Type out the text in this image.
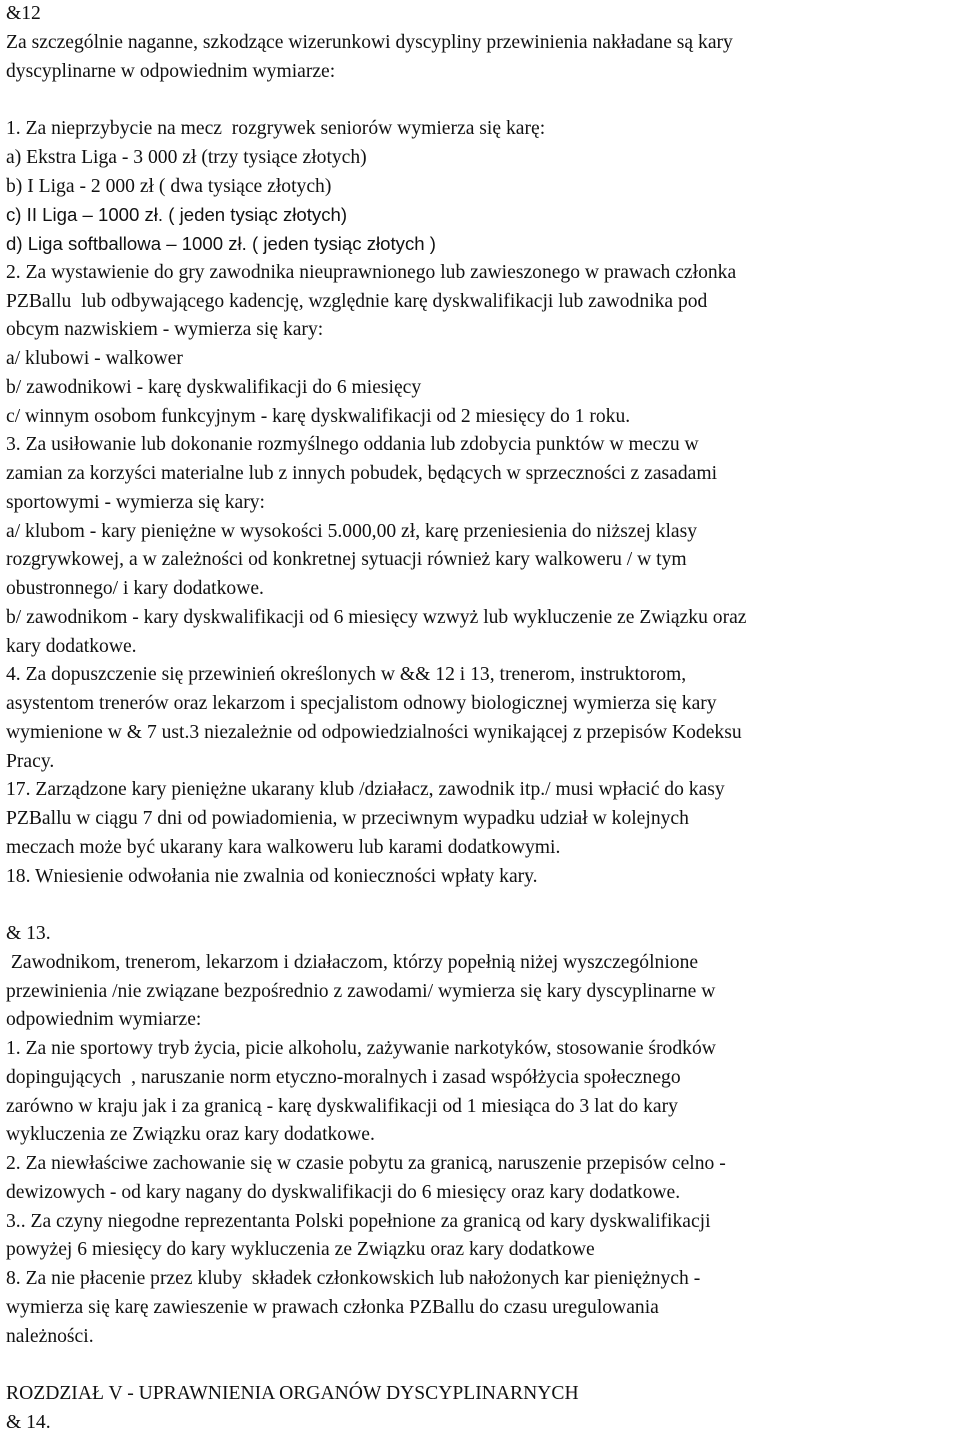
&12
Za szczególnie naganne, szkodzące wizerunkowi dyscypliny przewinienia nakładane są kary
dyscyplinarne w odpowiednim wymiarze:
1. Za nieprzybycie na mecz  rozgrywek seniorów wymierza się karę:
a) Ekstra Liga - 3 000 zł (trzy tysiące złotych)
b) I Liga - 2 000 zł ( dwa tysiące złotych)
c) II Liga – 1000 zł. ( jeden tysiąc złotych)
d) Liga softballowa – 1000 zł. ( jeden tysiąc złotych )
2. Za wystawienie do gry zawodnika nieuprawnionego lub zawieszonego w prawach członka
PZBallu  lub odbywającego kadencję, względnie karę dyskwalifikacji lub zawodnika pod
obcym nazwiskiem - wymierza się kary:
a/ klubowi - walkower
b/ zawodnikowi - karę dyskwalifikacji do 6 miesięcy
c/ winnym osobom funkcyjnym - karę dyskwalifikacji od 2 miesięcy do 1 roku.
3. Za usiłowanie lub dokonanie rozmyślnego oddania lub zdobycia punktów w meczu w
zamian za korzyści materialne lub z innych pobudek, będących w sprzeczności z zasadami
sportowymi - wymierza się kary:
a/ klubom - kary pieniężne w wysokości 5.000,00 zł, karę przeniesienia do niższej klasy
rozgrywkowej, a w zależności od konkretnej sytuacji również kary walkoweru / w tym
obustronnego/ i kary dodatkowe.
b/ zawodnikom - kary dyskwalifikacji od 6 miesięcy wzwyż lub wykluczenie ze Związku oraz
kary dodatkowe.
4. Za dopuszczenie się przewinień określonych w && 12 i 13, trenerom, instruktorom,
asystentom trenerów oraz lekarzom i specjalistom odnowy biologicznej wymierza się kary
wymienione w & 7 ust.3 niezależnie od odpowiedzialności wynikającej z przepisów Kodeksu
Pracy.
17. Zarządzone kary pieniężne ukarany klub /działacz, zawodnik itp./ musi wpłacić do kasy
PZBallu w ciągu 7 dni od powiadomienia, w przeciwnym wypadku udział w kolejnych
meczach może być ukarany kara walkoweru lub karami dodatkowymi.
18. Wniesienie odwołania nie zwalnia od konieczności wpłaty kary.
& 13.
Zawodnikom, trenerom, lekarzom i działaczom, którzy popełnią niżej wyszczególnione
przewinienia /nie związane bezpośrednio z zawodami/ wymierza się kary dyscyplinarne w
odpowiednim wymiarze:
1. Za nie sportowy tryb życia, picie alkoholu, zażywanie narkotyków, stosowanie środków
dopingujących  , naruszanie norm etyczno-moralnych i zasad współżycia społecznego
zarówno w kraju jak i za granicą - karę dyskwalifikacji od 1 miesiąca do 3 lat do kary
wykluczenia ze Związku oraz kary dodatkowe.
2. Za niewłaściwe zachowanie się w czasie pobytu za granicą, naruszenie przepisów celno -
dewizowych - od kary nagany do dyskwalifikacji do 6 miesięcy oraz kary dodatkowe.
3.. Za czyny niegodne reprezentanta Polski popełnione za granicą od kary dyskwalifikacji
powyżej 6 miesięcy do kary wykluczenia ze Związku oraz kary dodatkowe
8. Za nie płacenie przez kluby  składek członkowskich lub nałożonych kar pieniężnych -
wymierza się karę zawieszenie w prawach członka PZBallu do czasu uregulowania
należności.
ROZDZIAŁ V - UPRAWNIENIA ORGANÓW DYSCYPLINARNYCH
& 14.
